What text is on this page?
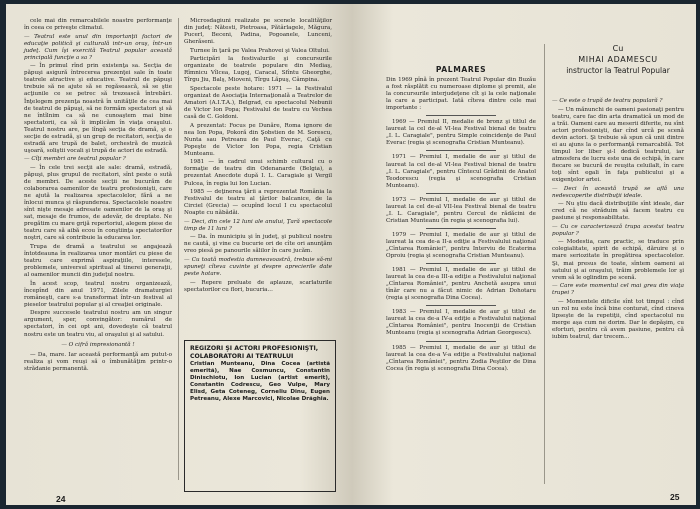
cele mai din remarcabilele noastre performanţe în ceea ce priveşte climatul.

— Teatrul este unul din importanţii factori de educaţie politică şi culturală intr-un oraş, într-un judeţ. Cum îşi exercită Teatrul popular această principală funcţie a sa ?

— În primul rînd prin existenţa sa. Secţia de păpuşi asigură întrecerea prezenţei sale în toate teatrele atractive şi educative. Teatrul de păpuşi trebuie să ne ajute să se regăsească, să se ştie acţiunile ce se petrec să trezească întrebări. Înţelegem prezenţa noastră în unităţile de cea mai de teatrul de păpuşi, să ne formăm spectatori şi să ne întîlnim ca să ne cunoaştem mai bine spectatorii, ca să îi implicăm în viaţa oraşului. Teatrul nostru are, pe lîngă secţia de dramă, şi o secţie de estradă, şi un grup de recitatori, secţia de estradă are trupă de balet, orchestră de muzică uşoară, soliştii vocali şi trupă de actori de estradă.

— Cîţi membri are teatrul popular ?

— În cele trei secţii ale sale: dramă, estradă, păpuşi, plus grupul de recitatori, sînt peste o sută de membri. De aceste secţii ne bucurăm de colaborarea oamenilor de teatru profesionişti, care ne ajută la realizarea spectacolelor, fără a ne înlocui munca şi răspunderea. Spectacolele noastre sînt nişte mesaje adresate oamenilor de la oraş şi sat, mesaje de frumos, de adevăr, de dreptate. Ne pregătim cu mare grijă repertoriul, alegem piese de teatru care să aibă ecou în conştiinţa spectatorilor noştri, care să contribuie la educarea lor.

Trupa de dramă a teatrului se angajează întotdeauna în realizarea unor montări cu piese de teatru care exprimă aspiraţiile, interesele, problemele, universul spiritual al tinerei generaţii, al oamenilor muncii din judeţul nostru.

În acest scop, teatrul nostru organizează, începînd din anul 1971, Zilele dramaturgiei româneşti, care s-a transformat într-un festival al pieselor teatrului popular şi al creaţiei originale.

Despre succesele teatrului nostru am un singur argument, sper, convingător: numărul de spectatori, în cei opt ani, dovedeşte că teatrul nostru este un teatru viu, al oraşului şi al satului.

— O cifră impresionantă !

— Da, mare. Iar această performanţă am putut-o realiza şi vom reuşi să o îmbunătăţim printr-o strădanie permanentă.

Microsdagiuni realizate pe scenele localităţilor din judeţ: Nătesti, Pietroasa, Pătârlagele, Măgura, Pucerl, Beceni, Padina, Pogoanele, Lunceni, Gherăseni.

Turnee în ţară pe Valea Prahovei şi Valea Oltului.

Participări la festivalurile şi concursurile organizate de teatrele populare din Mediaş, Rîmnicu Vîlcea, Lugoj, Caracal, Sfîntu Gheorghe, Tîrgu Jiu, Balş, Mioveni, Tîrgu Lăpuş, Câmpina.

Spectacole peste hotare: 1971 — la Festivalul organizat de Asociaţia Internaţională a Teatrelor de Amatori (A.I.T.A.), Belgrad, cu spectacolul Nebunii de Victor Ion Popa; Festivalul de teatru cu Vechea casă de C. Goldoni.

A prezentat: Focus pe Dunăre, Roma ignore de nea Ion Popa, Pokoră din Şobstien de M. Sorescu, Nunta sau Petreanu de Paul Everac, Caţă cu Popeşte de Victor Ion Popa, regia Cristian Munteanu.

1981 — în cadrul unui schimb cultural cu o formaţie de teatru din Odenanarde (Belgia), a prezentat Anecdote după I. L. Caragiale şi Vergil Pulcea, în regia lui Ion Lucian.

1985 — deţinerea ţării a reprezentat România la Festivalul de teatru al ţărilor balcanice, de la Circiel (Grecia) — ocupînd locul I cu spectacolul Noapte cu năbădăi.

— Deci, din cele 12 luni ale anului, Ţară spectacole timp de 11 luni ?

— Da. în municipiu şi în judeţ, şi publicul nostru ne caută, şi vine cu bucurie ori de cîte ori anunţăm vreo piesă pe panourile sălilor în care jucăm.

— Cu toată modestia dumneavoastră, trebuie să-mi spuneţi cîteva cuvinte şi despre aprecierile date peste hotare.

— Repere preluate de aplauze, scarlaturile spectatorilor cu flori, bucuria...

REGIZORI ŞI ACTORI PROFESIONIŞTI, COLABORATORI AI TEATRULUI
Cristian Munteanu, Dina Cocea (artistă emerită), Nae Cosmuncu, Constantin Dinischiotu, Ion Lucian (artist emerit), Constantin Codrescu, Geo Vulpe, Mary Elisd, Geta Coteneg, Corneliu Dinu, Eugen Petreanu, Alexe Marcovici, Nicolae Drăghia.
24
PALMARES

Din 1969 pînă în prezent Teatrul Popular din Buzău a fost răsplătit cu numeroase diplome şi premii, ale la concursurile interjudeţene cît şi la cele naţionale la care a participat. Iată cîteva dintre cele mai importante :

1969 — Premiul II, medalie de bronz şi titlul de laureat la cel de-al VI-lea Festival bienal de teatru „I. L. Caragiale", pentru Simple coincidenţe de Paul Everac (regia şi scenografia Cristian Munteanu).

1971 — Premiul I, medalie de aur şi titlul de laureat la cel de-al VI-lea Festival bienal de teatru „I. L. Caragiale", pentru Cîntecul Grădinii de Anatol Teodorescu (regia şi scenografia Cristian Munteanu).

1973 — Premiul I, medalie de aur şi titlul de laureat la cel de-al VII-lea Festival bienal de teatru „I. L. Caragiale", pentru Cercul de rădăcini de Cristian Munteanu (în regia şi scenografia lui).

1979 — Premiul I, medalie de aur şi titlul de laureat la cea de-a II-a ediţie a Festivalului naţional „Cîntarea României", pentru Interviu de Ecaterina Oproiu (regia şi scenografia Cristian Munteanu).

1981 — Premiul I, medalie de aur şi titlul de laureat la cea de-a III-a ediţie a Festivalului naţional „Cîntarea României", pentru Anchetă asupra unui tînăr care nu a făcut nimic de Adrian Dohotaru (regia şi scenografia Dina Cocea).

1983 — Premiul I, medalie de aur şi titlul de laureat la cea de-a IV-a ediţie a Festivalului naţional „Cîntarea României", pentru Inocenţii de Cristian Munteanu (regia şi scenografia Adrian Georgescu).

1985 — Premiul I, medalie de aur şi titlul de laureat la cea de-a V-a ediţie a Festivalului naţional „Cîntarea României", pentru Zodia Peştilor de Dina Cocea (în regia şi scenografia Dina Cocea).

Cu
MIHAI ADAMESCU
instructor la Teatrul Popular

— Ce este o trupă de teatru populară ?

— Un mănunchi de oameni pasionaţi pentru teatru, care fac din arta dramatică un mod de a trăi. Oameni care au meserii diferite, nu sînt actori profesionişti, dar cînd urcă pe scenă devin actori. Şi trebuie să spun că unii dintre ei au ajuns la o performanţă remarcabilă. Tot timpul lor liber şi-l dedică teatrului, iar atmosfera de lucru este una de echipă, în care fiecare se bucură de reuşita celuilalt, în care toţi sînt egali în faţa publicului şi a exigenţelor artei.

— Deci în această trupă se află una nedescoperite distribuţii ideale.

— Nu ştiu dacă distribuţiile sînt ideale, dar cred că ne străduim să facem teatru cu pasiune şi responsabilitate.

— Cu ce caracterizează trupa acestui teatru popular ?

— Modestia, care practic, se traduce prin colegialitate, spirit de echipă, dăruire şi o mare seriozitate în pregătirea spectacolelor. Şi, mai presus de toate, sîntem oameni ai satului şi ai oraşului, trăim problemele lor şi vrem să le oglindim pe scenă.

— Care este momentul cel mai greu din viaţa trupei ?

— Momentele dificile sînt tot timpul : cînd un rol nu este încă bine conturat, cînd cineva lipseşte de la repetiţii, cînd spectacolul nu merge aşa cum ne dorim. Dar le depăşim, cu eforturi, pentru că avem pasiune, pentru că iubim teatrul, dar trecem...

25
